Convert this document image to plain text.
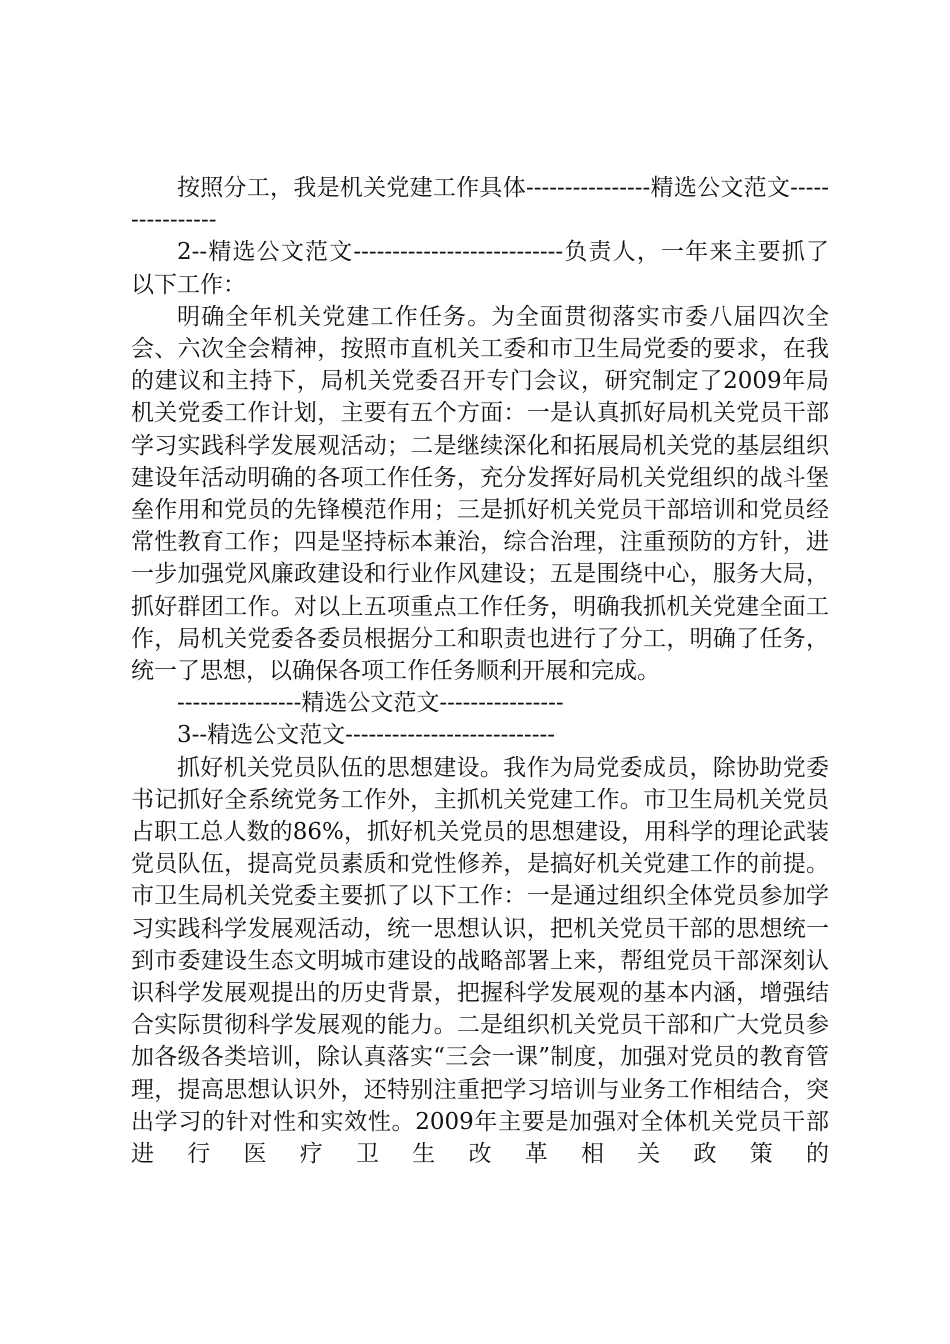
按照分工，我是机关党建工作具体----------------精选公文范文----------------

2--精选公文范文---------------------------负责人，一年来主要抓了以下工作：

明确全年机关党建工作任务。为全面贯彻落实市委八届四次全会、六次全会精神，按照市直机关工委和市卫生局党委的要求，在我的建议和主持下，局机关党委召开专门会议，研究制定了2009年局机关党委工作计划，主要有五个方面：一是认真抓好局机关党员干部学习实践科学发展观活动；二是继续深化和拓展局机关党的基层组织建设年活动明确的各项工作任务，充分发挥好局机关党组织的战斗堡垒作用和党员的先锋模范作用；三是抓好机关党员干部培训和党员经常性教育工作；四是坚持标本兼治，综合治理，注重预防的方针，进一步加强党风廉政建设和行业作风建设；五是围绕中心，服务大局，抓好群团工作。对以上五项重点工作任务，明确我抓机关党建全面工作，局机关党委各委员根据分工和职责也进行了分工，明确了任务，统一了思想，以确保各项工作任务顺利开展和完成。

----------------精选公文范文----------------

3--精选公文范文---------------------------

抓好机关党员队伍的思想建设。我作为局党委成员，除协助党委书记抓好全系统党务工作外，主抓机关党建工作。市卫生局机关党员占职工总人数的86%，抓好机关党员的思想建设，用科学的理论武装党员队伍，提高党员素质和党性修养，是搞好机关党建工作的前提。市卫生局机关党委主要抓了以下工作：一是通过组织全体党员参加学习实践科学发展观活动，统一思想认识，把机关党员干部的思想统一到市委建设生态文明城市建设的战略部署上来，帮组党员干部深刻认识科学发展观提出的历史背景，把握科学发展观的基本内涵，增强结合实际贯彻科学发展观的能力。二是组织机关党员干部和广大党员参加各级各类培训，除认真落实“三会一课”制度，加强对党员的教育管理，提高思想认识外，还特别注重把学习培训与业务工作相结合，突出学习的针对性和实效性。2009年主要是加强对全体机关党员干部进行医疗卫生改革相关政策的
